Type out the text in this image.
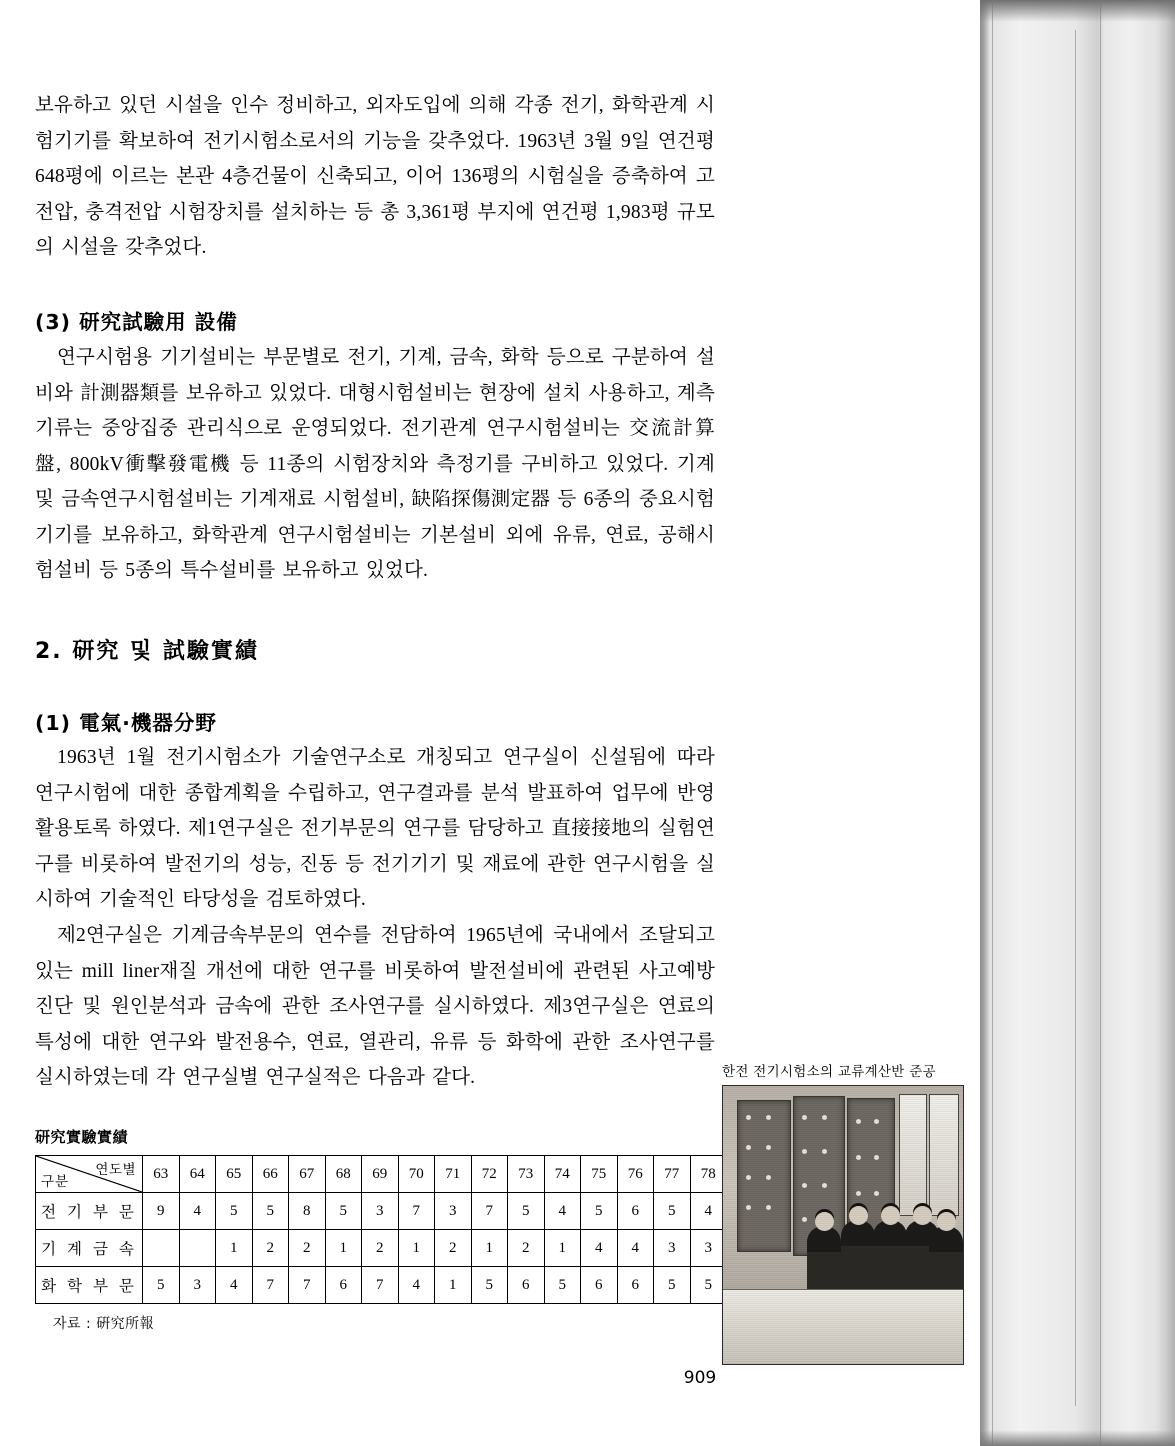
보유하고 있던 시설을 인수 정비하고, 외자도입에 의해 각종 전기, 화학관계 시험기기를 확보하여 전기시험소로서의 기능을 갖추었다. 1963년 3월 9일 연건평 648평에 이르는 본관 4층건물이 신축되고, 이어 136평의 시험실을 증축하여 고전압, 충격전압 시험장치를 설치하는 등 총 3,361평 부지에 연건평 1,983평 규모의 시설을 갖추었다.

(3) 研究試驗用 設備

연구시험용 기기설비는 부문별로 전기, 기계, 금속, 화학 등으로 구분하여 설비와 計測器類를 보유하고 있었다. 대형시험설비는 현장에 설치 사용하고, 계측기류는 중앙집중 관리식으로 운영되었다. 전기관계 연구시험설비는 交流計算盤, 800kV衝擊發電機 등 11종의 시험장치와 측정기를 구비하고 있었다. 기계 및 금속연구시험설비는 기계재료 시험설비, 缺陷探傷測定器 등 6종의 중요시험기기를 보유하고, 화학관계 연구시험설비는 기본설비 외에 유류, 연료, 공해시험설비 등 5종의 특수설비를 보유하고 있었다.

2. 研究 및 試驗實績
(1) 電氣·機器分野

1963년 1월 전기시험소가 기술연구소로 개칭되고 연구실이 신설됨에 따라 연구시험에 대한 종합계획을 수립하고, 연구결과를 분석 발표하여 업무에 반영 활용토록 하였다. 제1연구실은 전기부문의 연구를 담당하고 直接接地의 실험연구를 비롯하여 발전기의 성능, 진동 등 전기기기 및 재료에 관한 연구시험을 실시하여 기술적인 타당성을 검토하였다.

제2연구실은 기계금속부문의 연수를 전담하여 1965년에 국내에서 조달되고 있는 mill liner재질 개선에 대한 연구를 비롯하여 발전설비에 관련된 사고예방진단 및 원인분석과 금속에 관한 조사연구를 실시하였다. 제3연구실은 연료의 특성에 대한 연구와 발전용수, 연료, 열관리, 유류 등 화학에 관한 조사연구를 실시하였는데 각 연구실별 연구실적은 다음과 같다.

研究實驗實績
연도별
구분	63	64	65	66	67	68	69	70	71	72	73	74	75	76	77	78			
전 기 부 문	9	4	5	5	8	5	3	7	3	7	5	4	5	6	5	4			
기 계 금 속			1	2	2	1	2	1	2	1	2	1	4	4	3	3			
화 학 부 문	5	3	4	7	7	6	7	4	1	5	6	5	6	6	5	5			
자료 : 硏究所報
한전 전기시험소의 교류계산반 준공
909
